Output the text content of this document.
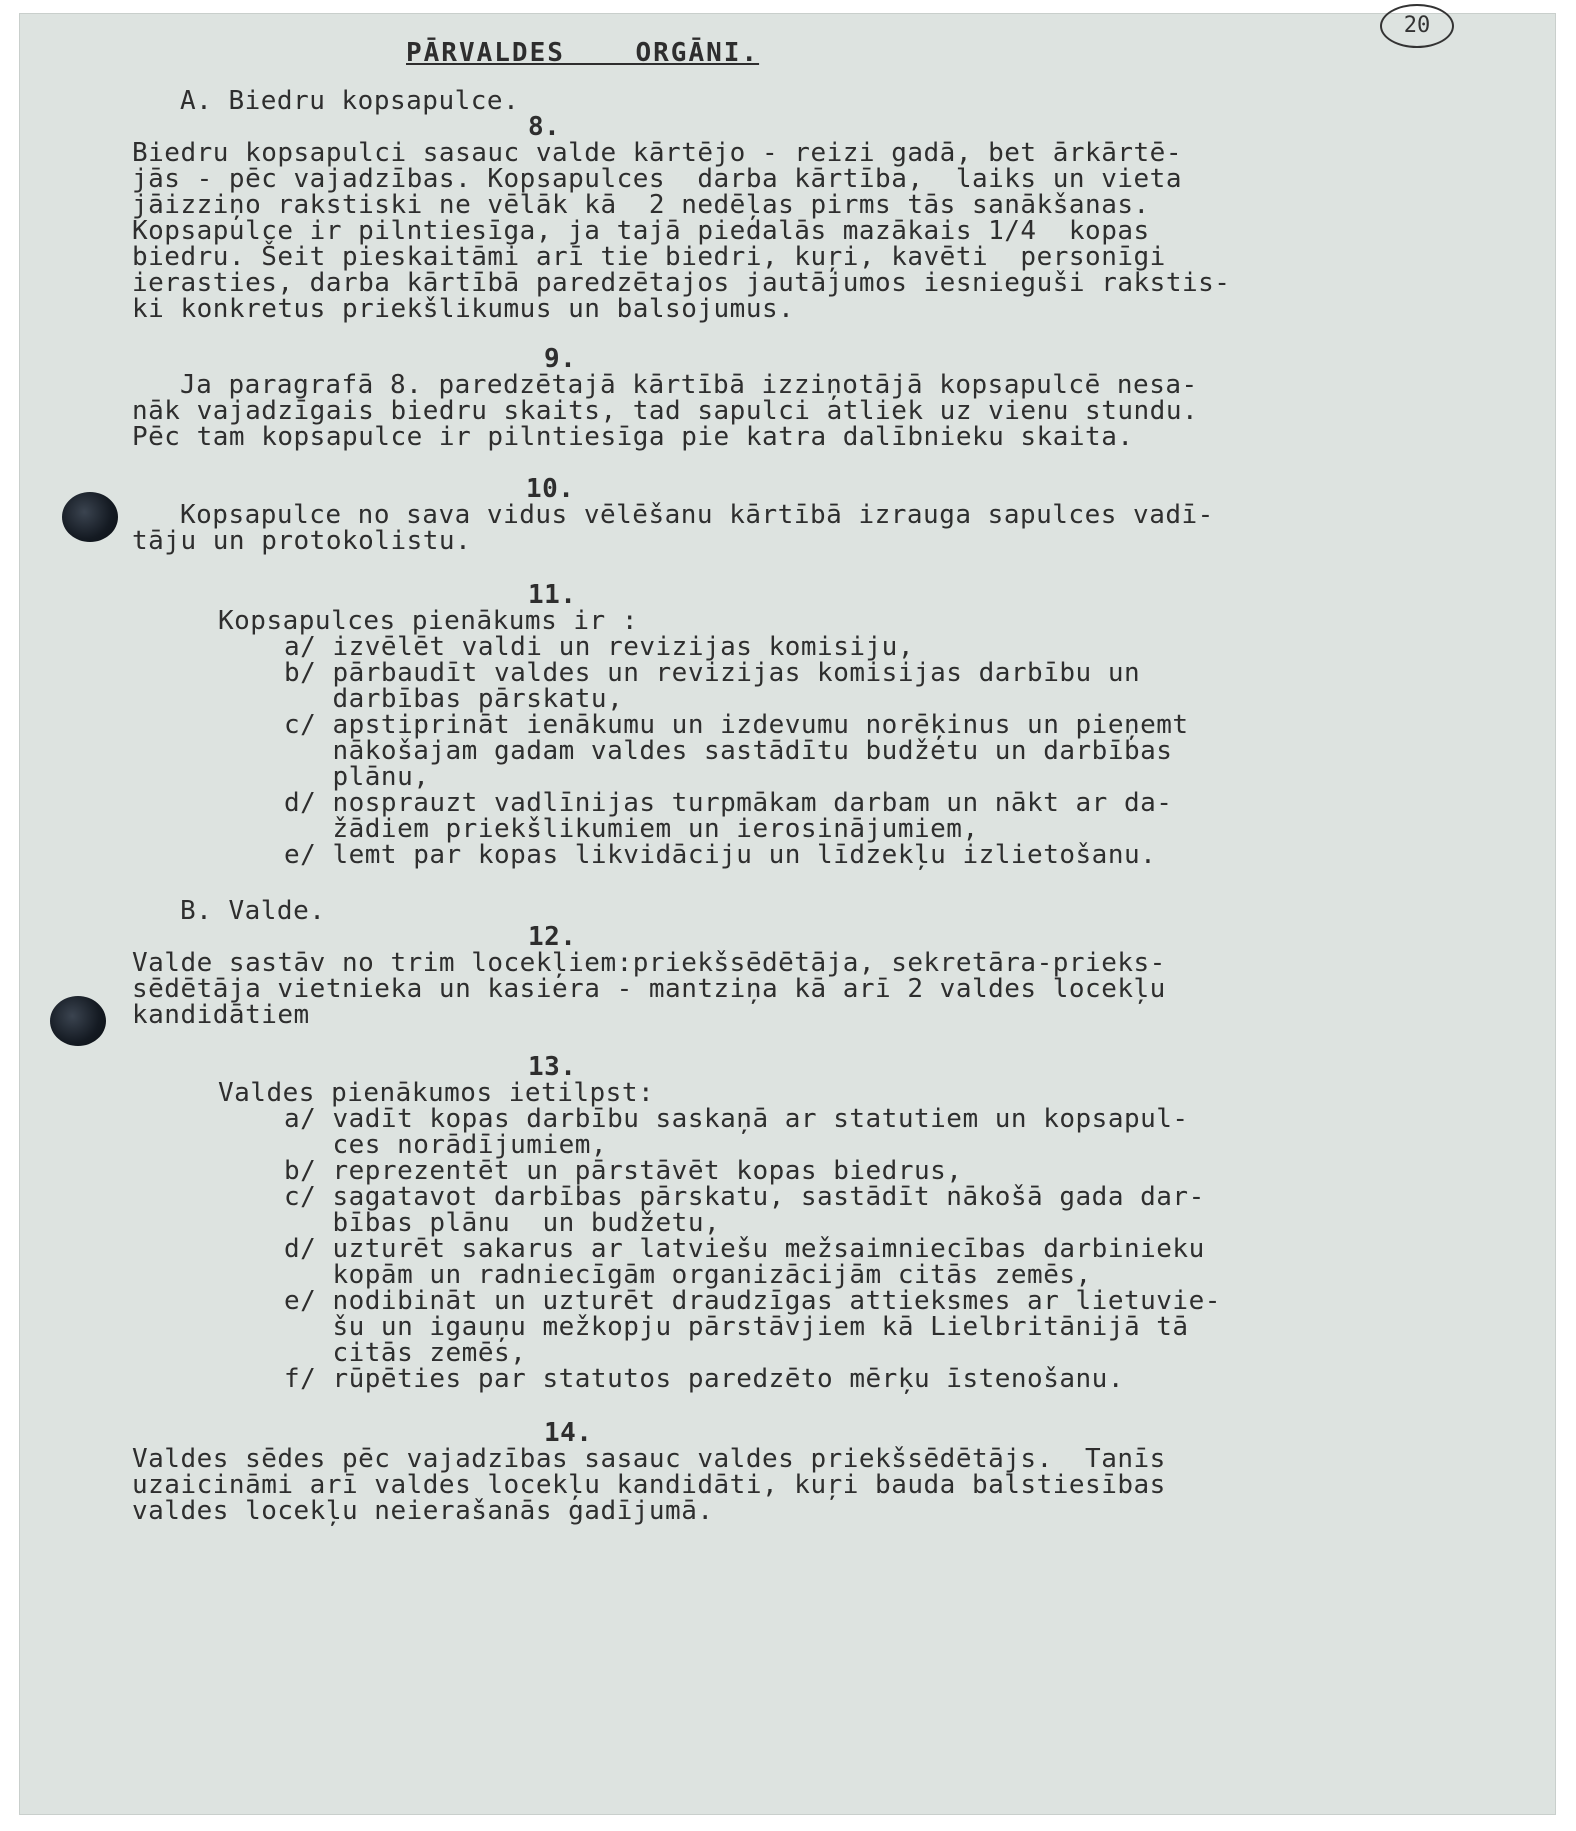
20
PĀRVALDES    ORGĀNI.
A. Biedru kopsapulce.
8.
Biedru kopsapulci sasauc valde kārtējo - reizi gadā, bet ārkārtē-
jās - pēc vajadzības. Kopsapulces  darba kārtība,  laiks un vieta
jāizziņo rakstiski ne vēlāk kā  2 nedēļas pirms tās sanākšanas.
Kopsapulce ir pilntiesīga, ja tajā piedalās mazākais 1/4  kopas
biedru. Šeit pieskaitāmi arī tie biedri, kuŗi, kavēti  personīgi
ierasties, darba kārtībā paredzētajos jautājumos iesnieguši rakstis-
ki konkretus priekšlikumus un balsojumus.
9.
Ja paragrafā 8. paredzētajā kārtībā izziņotājā kopsapulcē nesa-
nāk vajadzīgais biedru skaits, tad sapulci atliek uz vienu stundu.
Pēc tam kopsapulce ir pilntiesīga pie katra dalībnieku skaita.
10.
Kopsapulce no sava vidus vēlēšanu kārtībā izrauga sapulces vadī-
tāju un protokolistu.
11.
Kopsapulces pienākums ir :
a/ izvēlēt valdi un revizijas komisiju,
b/ pārbaudīt valdes un revizijas komisijas darbību un
darbības pārskatu,
c/ apstiprināt ienākumu un izdevumu norēķinus un pieņemt
nākošajam gadam valdes sastādītu budžetu un darbības
plānu,
d/ nosprauzt vadlīnijas turpmākam darbam un nākt ar da-
žādiem priekšlikumiem un ierosinājumiem,
e/ lemt par kopas likvidāciju un līdzekļu izlietošanu.
B. Valde.
12.
Valde sastāv no trim locekļiem:priekšsēdētāja, sekretāra-prieks-
sēdētāja vietnieka un kasiera - mantziņa kā arī 2 valdes locekļu
kandidātiem
13.
Valdes pienākumos ietilpst:
a/ vadīt kopas darbību saskaņā ar statutiem un kopsapul-
ces norādījumiem,
b/ reprezentēt un pārstāvēt kopas biedrus,
c/ sagatavot darbības pārskatu, sastādīt nākošā gada dar-
bības plānu  un budžetu,
d/ uzturēt sakarus ar latviešu mežsaimniecības darbinieku
kopām un radniecīgām organizācijām citās zemēs,
e/ nodibināt un uzturēt draudzīgas attieksmes ar lietuvie-
šu un igauņu mežkopju pārstāvjiem kā Lielbritānijā tā
citās zemēs,
f/ rūpēties par statutos paredzēto mērķu īstenošanu.
14.
Valdes sēdes pēc vajadzības sasauc valdes priekšsēdētājs.  Tanīs
uzaicināmi arī valdes locekļu kandidāti, kuŗi bauda balstiesības
valdes locekļu neierašanās gadījumā.
